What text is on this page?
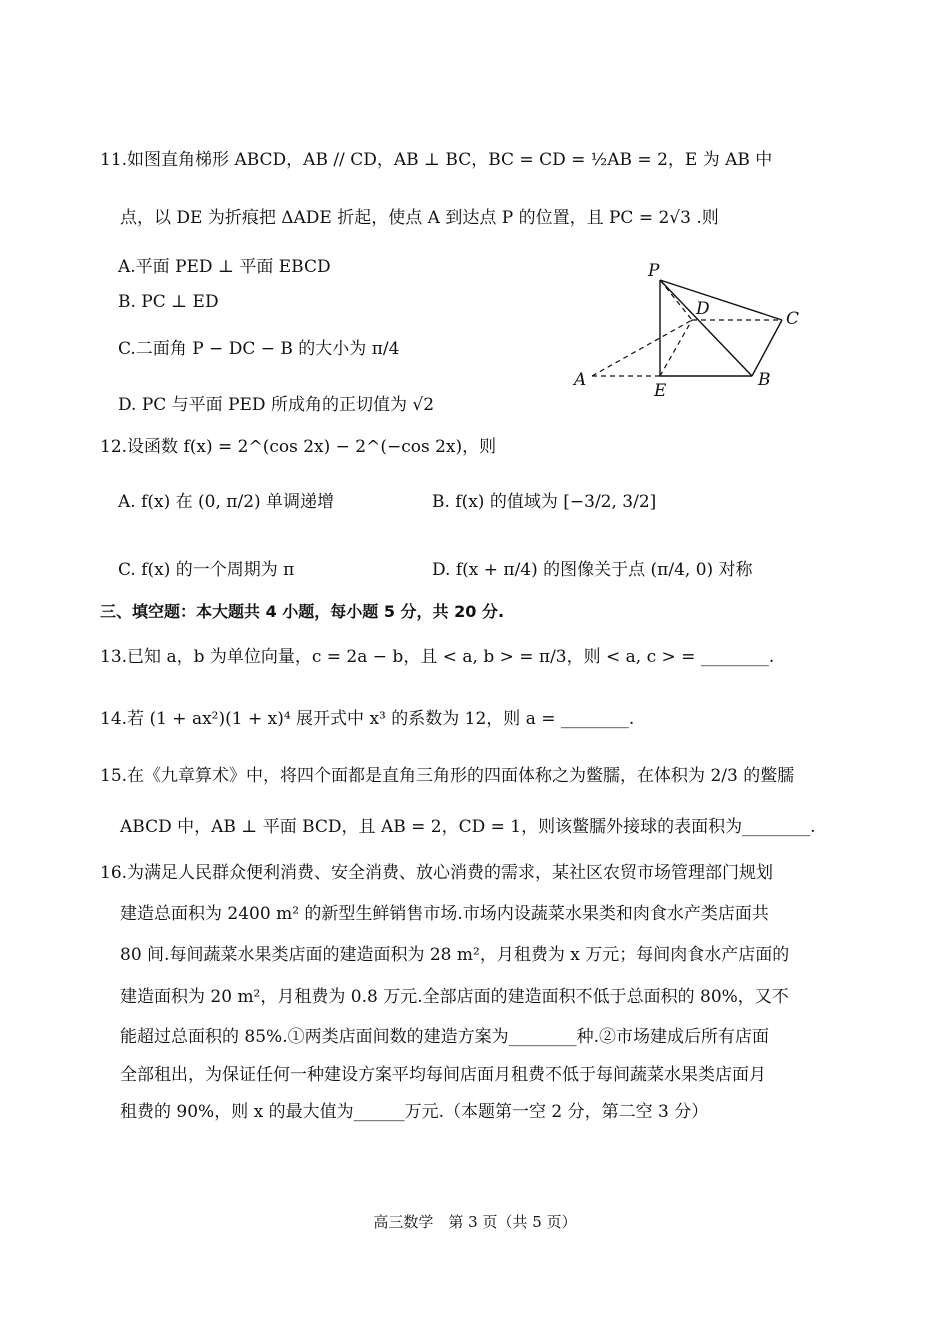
11.如图直角梯形 ABCD，AB // CD，AB ⊥ BC，BC = CD = ½AB = 2，E 为 AB 中
点，以 DE 为折痕把 ΔADE 折起，使点 A 到达点 P 的位置，且 PC = 2√3 .则
A.平面 PED ⊥ 平面 EBCD
B. PC ⊥ ED
C.二面角 P − DC − B 的大小为 π/4
D. PC 与平面 PED 所成角的正切值为 √2
P
D	C
A
E
B
12.设函数 f(x) = 2^(cos 2x) − 2^(−cos 2x)，则
A. f(x) 在 (0, π/2) 单调递增	B. f(x) 的值域为 [−3/2, 3/2]
C. f(x) 的一个周期为 π	D. f(x + π/4) 的图像关于点 (π/4, 0) 对称
三、填空题：本大题共 4 小题，每小题 5 分，共 20 分.
13.已知 a，b 为单位向量，c = 2a − b，且 < a, b > = π/3，则 < a, c > = ________.
14.若 (1 + ax²)(1 + x)⁴ 展开式中 x³ 的系数为 12，则 a = ________.
15.在《九章算术》中，将四个面都是直角三角形的四面体称之为鳖臑，在体积为 2/3 的鳖臑
ABCD 中，AB ⊥ 平面 BCD，且 AB = 2，CD = 1，则该鳖臑外接球的表面积为________.
16.为满足人民群众便利消费、安全消费、放心消费的需求，某社区农贸市场管理部门规划
建造总面积为 2400 m² 的新型生鲜销售市场.市场内设蔬菜水果类和肉食水产类店面共
80 间.每间蔬菜水果类店面的建造面积为 28 m²，月租费为 x 万元；每间肉食水产店面的
建造面积为 20 m²，月租费为 0.8 万元.全部店面的建造面积不低于总面积的 80%，又不
能超过总面积的 85%.①两类店面间数的建造方案为________种.②市场建成后所有店面
全部租出，为保证任何一种建设方案平均每间店面月租费不低于每间蔬菜水果类店面月
租费的 90%，则 x 的最大值为______万元.（本题第一空 2 分，第二空 3 分）
高三数学　第 3 页（共 5 页）
